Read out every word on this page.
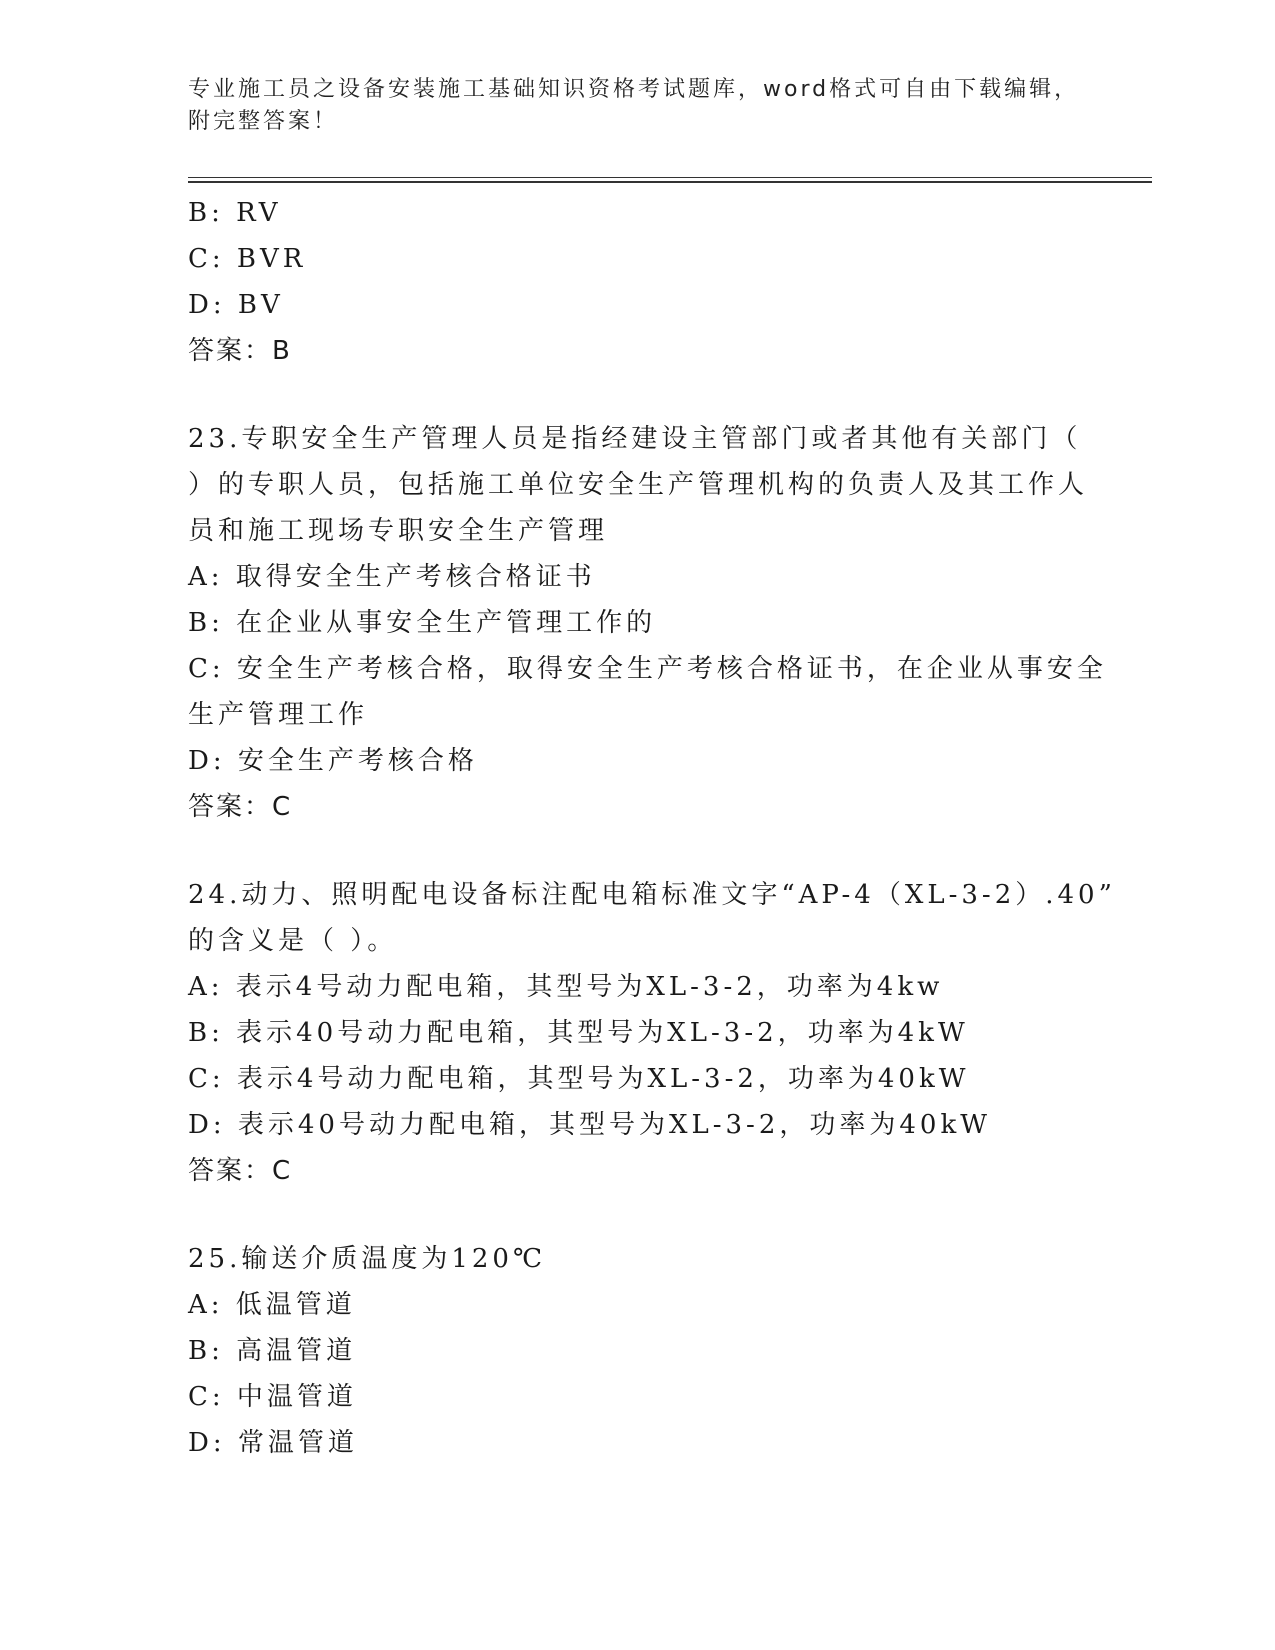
专业施工员之设备安装施工基础知识资格考试题库，word格式可自由下载编辑，
附完整答案！
B: RV
C: BVR
D: BV
答案：B
23.专职安全生产管理人员是指经建设主管部门或者其他有关部门（
）的专职人员，包括施工单位安全生产管理机构的负责人及其工作人
员和施工现场专职安全生产管理
A: 取得安全生产考核合格证书
B: 在企业从事安全生产管理工作的
C: 安全生产考核合格，取得安全生产考核合格证书，在企业从事安全
生产管理工作
D: 安全生产考核合格
答案：C
24.动力、照明配电设备标注配电箱标准文字“AP-4（XL-3-2）.40”
的含义是（ ）。
A: 表示4号动力配电箱，其型号为XL-3-2，功率为4kw
B: 表示40号动力配电箱，其型号为XL-3-2，功率为4kW
C: 表示4号动力配电箱，其型号为XL-3-2，功率为40kW
D: 表示40号动力配电箱，其型号为XL-3-2，功率为40kW
答案：C
25.输送介质温度为120℃
A: 低温管道
B: 高温管道
C: 中温管道
D: 常温管道
